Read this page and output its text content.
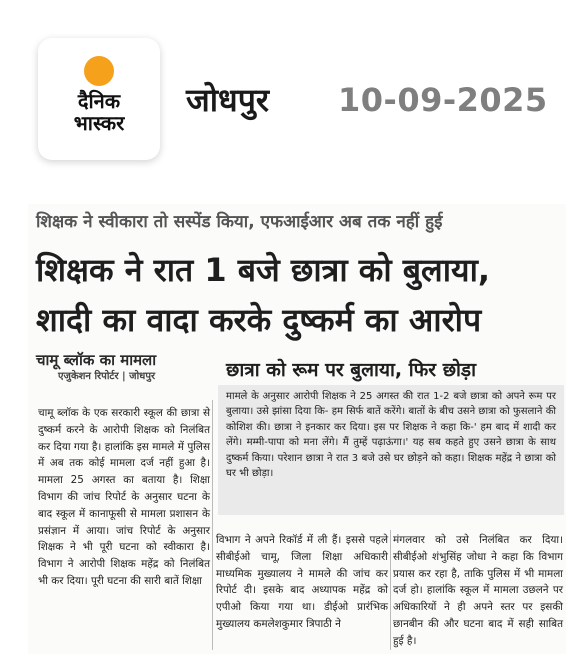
दैनिक
भास्कर
जोधपुर 10-09-2025
शिक्षक ने स्वीकारा तो सस्पेंड किया, एफआईआर अब तक नहीं हुई
शिक्षक ने रात 1 बजे छात्रा को बुलाया,
शादी का वादा करके दुष्कर्म का आरोप
चामू ब्लॉक का मामला
एजुकेशन रिपोर्टर | जोधपुर	छात्रा को रूम पर बुलाया, फिर छोड़ा
मामले के अनुसार आरोपी शिक्षक ने 25 अगस्त की रात 1-2 बजे छात्रा को अपने रूम पर बुलाया। उसे झांसा दिया कि- हम सिर्फ बातें करेंगे। बातों के बीच उसने छात्रा को फुसलाने की कोशिश की। छात्रा ने इनकार कर दिया। इस पर शिक्षक ने कहा कि-' हम बाद में शादी कर लेंगे। मम्मी-पापा को मना लेंगे। मैं तुम्हें पढ़ाऊंगा।' यह सब कहते हुए उसने छात्रा के साथ दुष्कर्म किया। परेशान छात्रा ने रात 3 बजे उसे घर छोड़ने को कहा। शिक्षक महेंद्र ने छात्रा को घर भी छोड़ा।
चामू ब्लॉक के एक सरकारी स्कूल की छात्रा से दुष्कर्म करने के आरोपी शिक्षक को निलंबित कर दिया गया है। हालांकि इस मामले में पुलिस में अब तक कोई मामला दर्ज नहीं हुआ है। मामला 25 अगस्त का बताया है। शिक्षा विभाग की जांच रिपोर्ट के अनुसार घटना के बाद स्कूल में कानाफूसी से मामला प्रशासन के प्रसंज्ञान में आया। जांच रिपोर्ट के अनुसार शिक्षक ने भी पूरी घटना को स्वीकारा है। विभाग ने आरोपी शिक्षक महेंद्र को निलंबित भी कर दिया। पूरी घटना की सारी बातें शिक्षा
विभाग ने अपने रिकॉर्ड में ली हैं। इससे पहले सीबीईओ चामू, जिला शिक्षा अधिकारी माध्यमिक मुख्यालय ने मामले की जांच कर रिपोर्ट दी। इसके बाद अध्यापक महेंद्र को एपीओ किया गया था। डीईओ प्रारंभिक मुख्यालय कमलेशकुमार त्रिपाठी ने
मंगलवार को उसे निलंबित कर दिया। सीबीईओ शंभुसिंह जोधा ने कहा कि विभाग प्रयास कर रहा है, ताकि पुलिस में भी मामला दर्ज हो। हालांकि स्कूल में मामला उछलने पर अधिकारियों ने ही अपने स्तर पर इसकी छानबीन की और घटना बाद में सही साबित हुई है।
